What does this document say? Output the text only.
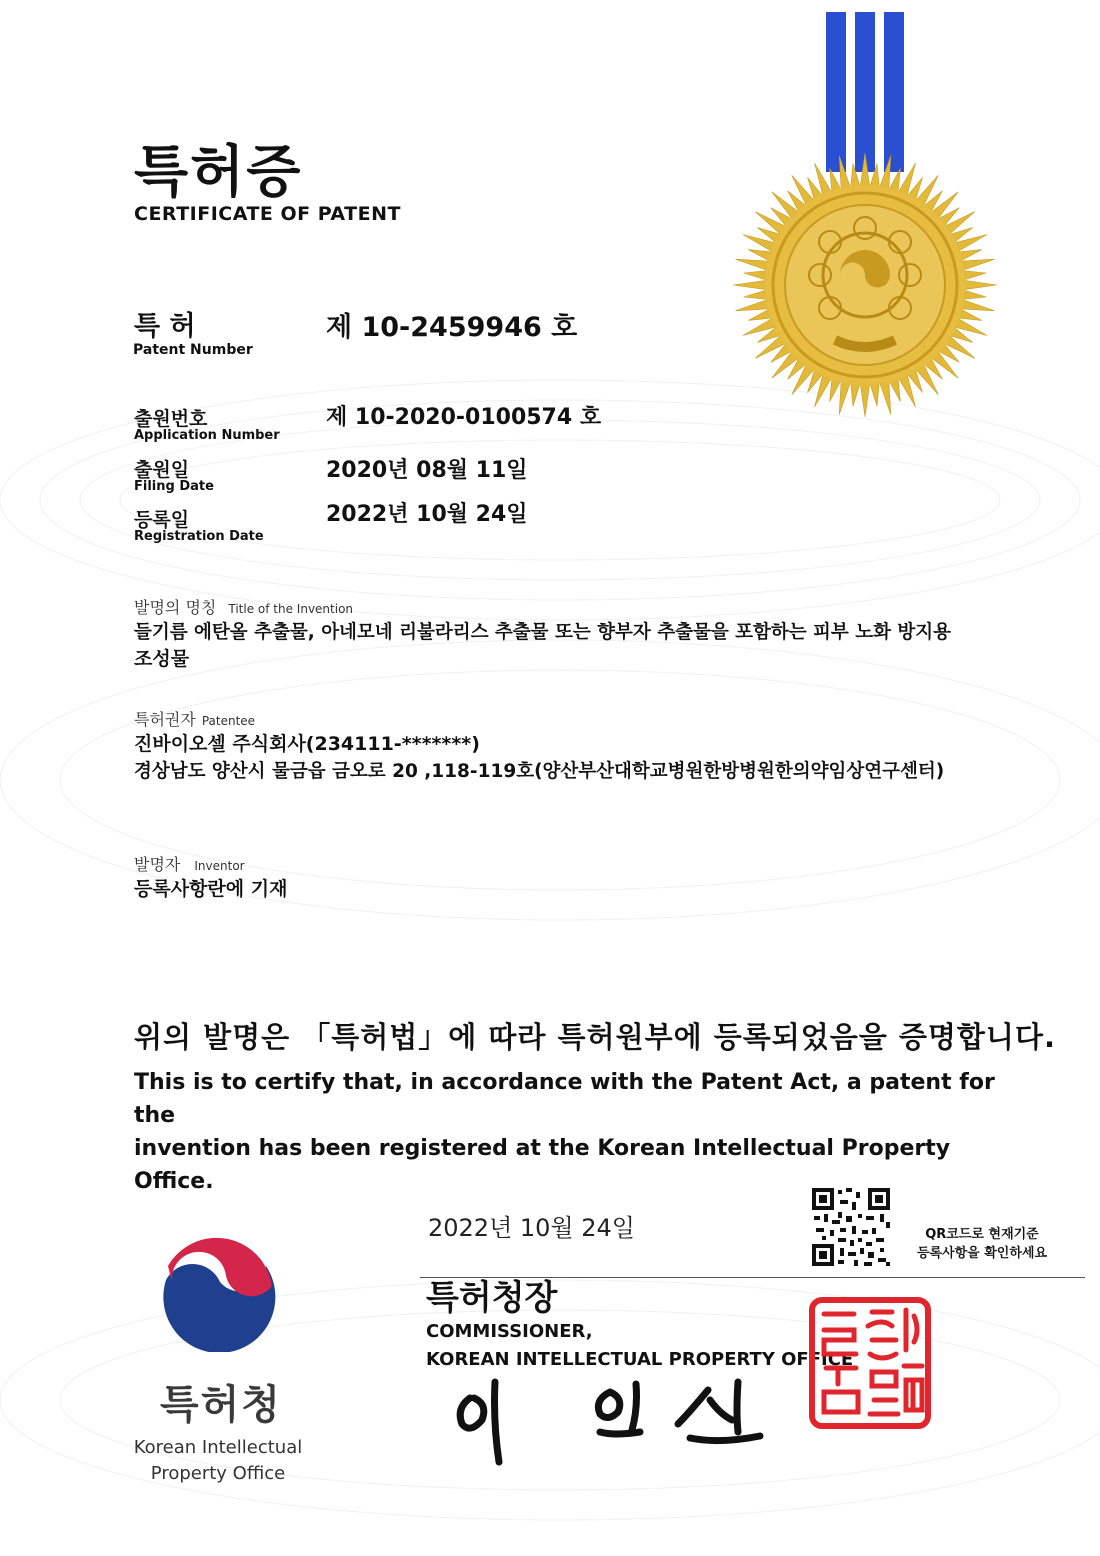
특허증
CERTIFICATE OF PATENT
특 허
Patent Number
제 10-2459946 호
출원번호
Application Number
제 10-2020-0100574 호
출원일
Filing Date
2020년 08월 11일
등록일
Registration Date
2022년 10월 24일
발명의 명칭 Title of the Invention
들기름 에탄올 추출물, 아네모네 리불라리스 추출물 또는 향부자 추출물을 포함하는 피부 노화 방지용
조성물
특허권자 Patentee
진바이오셀 주식회사(234111-*******)
경상남도 양산시 물금읍 금오로 20 ,118-119호(양산부산대학교병원한방병원한의약임상연구센터)
발명자 Inventor
등록사항란에 기재
위의 발명은 「특허법」에 따라 특허원부에 등록되었음을 증명합니다.
This is to certify that, in accordance with the Patent Act, a patent for the
invention has been registered at the Korean Intellectual Property Office.
2022년 10월 24일	QR코드로 현재기준
등록사항을 확인하세요
특허청장
COMMISSIONER,
KOREAN INTELLECTUAL PROPERTY OFFICE
특허청
Korean Intellectual
Property Office
